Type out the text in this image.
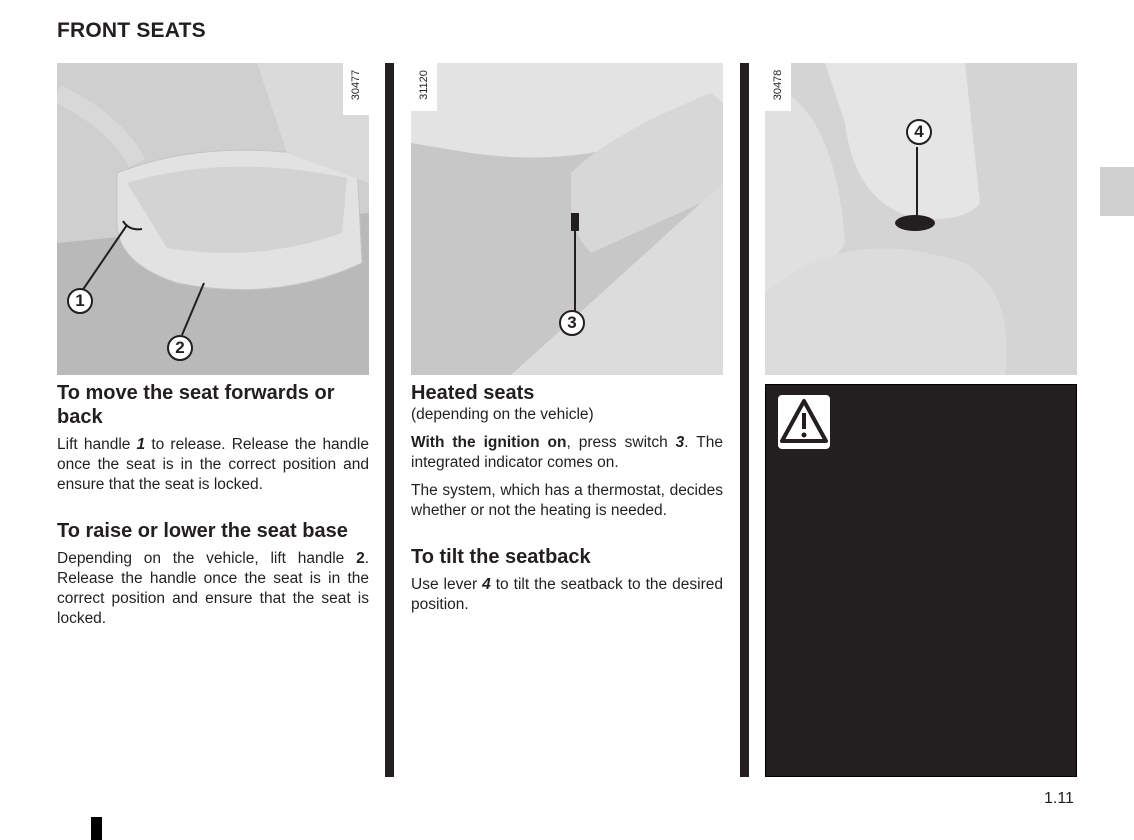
FRONT SEATS
30477
1
2
31120
3
30478
4
To move the seat forwards or back

Lift handle 1 to release. Release the handle once the seat is in the correct position and ensure that the seat is locked.

To raise or lower the seat base

Depending on the vehicle, lift handle 2. Release the handle once the seat is in the correct position and ensure that the seat is locked.

Heated seats
(depending on the vehicle)

With the ignition on, press switch 3. The integrated indicator comes on.

The system, which has a thermostat, decides whether or not the heating is needed.

To tilt the seatback

Use lever 4 to tilt the seatback to the desired position.

1.11
